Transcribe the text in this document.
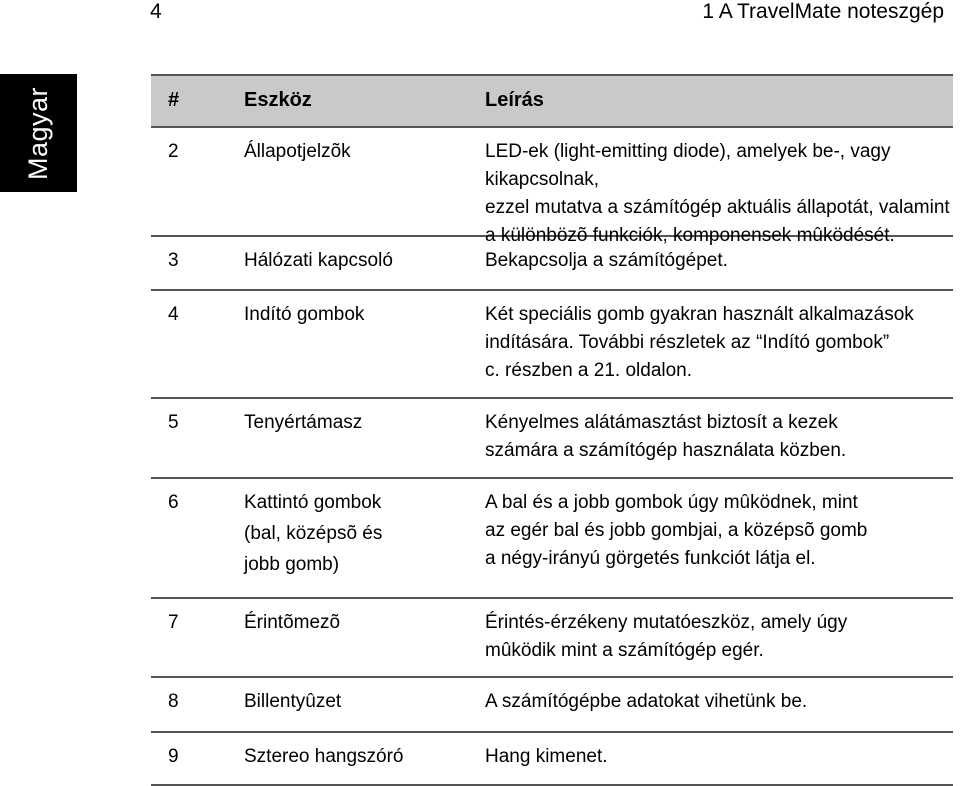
4	1 A TravelMate noteszgép
Magyar	#	Eszköz	Leírás
2	Állapotjelzõk	LED-ek (light-emitting diode), amelyek be-, vagy kikapcsolnak,

ezzel mutatva a számítógép aktuális állapotát, valamint

a különbözõ funkciók, komponensek mûködését.

3	Hálózati kapcsoló	Bekapcsolja a számítógépet.

4	Indító gombok	Két speciális gomb gyakran használt alkalmazások

indítására. További részletek az “Indító gombok”

c. részben a 21. oldalon.

5	Tenyértámasz	Kényelmes alátámasztást biztosít a kezek

számára a számítógép használata közben.

6	Kattintó gombok

(bal, középsõ és

jobb gomb)

A bal és a jobb gombok úgy mûködnek, mint

az egér bal és jobb gombjai, a középsõ gomb

a négy-irányú görgetés funkciót látja el.

7	Érintõmezõ	Érintés-érzékeny mutatóeszköz, amely úgy

mûködik mint a számítógép egér.

8	Billentyûzet	A számítógépbe adatokat vihetünk be.

9	Sztereo hangszóró	Hang kimenet.
